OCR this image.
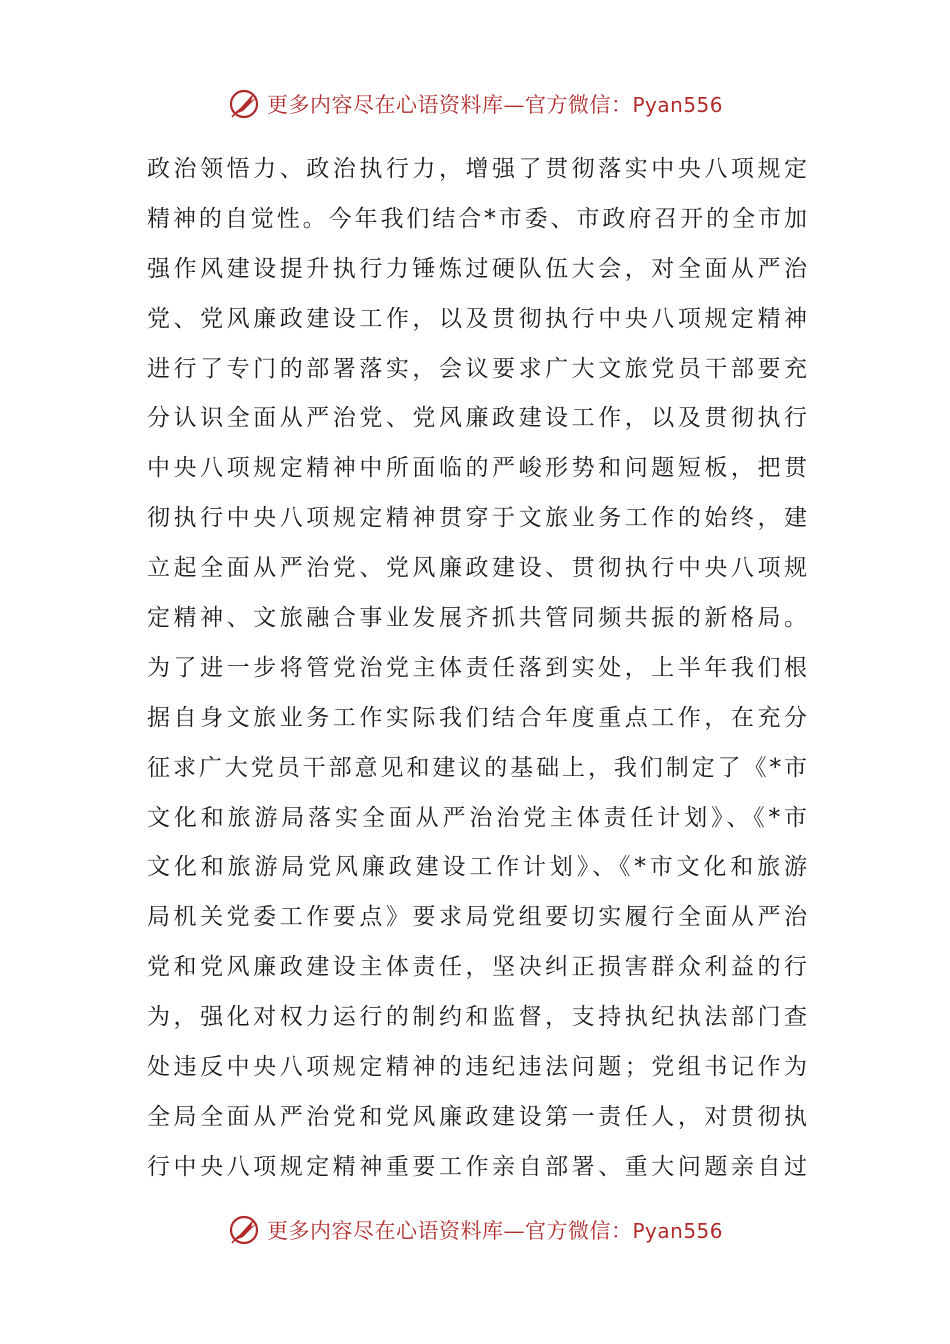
更多内容尽在心语资料库—官方微信：Pyan556
政治领悟力、政治执行力，增强了贯彻落实中央八项规定
精神的自觉性。今年我们结合*市委、市政府召开的全市加
强作风建设提升执行力锤炼过硬队伍大会，对全面从严治
党、党风廉政建设工作，以及贯彻执行中央八项规定精神
进行了专门的部署落实，会议要求广大文旅党员干部要充
分认识全面从严治党、党风廉政建设工作，以及贯彻执行
中央八项规定精神中所面临的严峻形势和问题短板，把贯
彻执行中央八项规定精神贯穿于文旅业务工作的始终，建
立起全面从严治党、党风廉政建设、贯彻执行中央八项规
定精神、文旅融合事业发展齐抓共管同频共振的新格局。
为了进一步将管党治党主体责任落到实处，上半年我们根
据自身文旅业务工作实际我们结合年度重点工作，在充分
征求广大党员干部意见和建议的基础上，我们制定了《*市
文化和旅游局落实全面从严治治党主体责任计划》、《*市
文化和旅游局党风廉政建设工作计划》、《*市文化和旅游
局机关党委工作要点》要求局党组要切实履行全面从严治
党和党风廉政建设主体责任，坚决纠正损害群众利益的行
为，强化对权力运行的制约和监督，支持执纪执法部门查
处违反中央八项规定精神的违纪违法问题；党组书记作为
全局全面从严治党和党风廉政建设第一责任人，对贯彻执
行中央八项规定精神重要工作亲自部署、重大问题亲自过
更多内容尽在心语资料库—官方微信：Pyan556
